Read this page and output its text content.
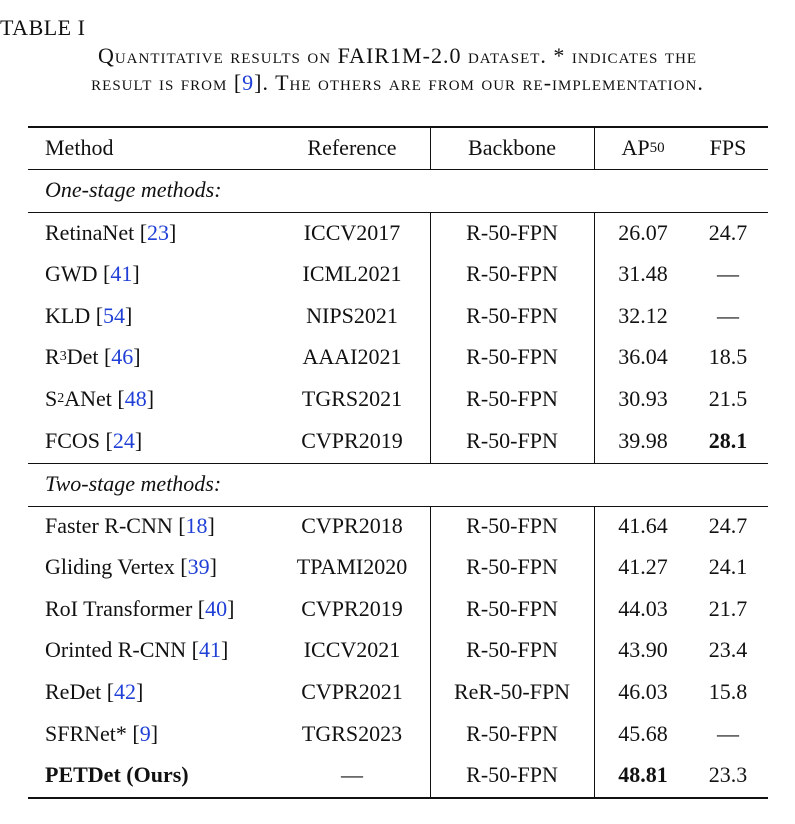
TABLE I
Quantitative results on FAIR1M-2.0 dataset. * indicates the
result is from [9]. The others are from our re-implementation.
Method	Reference	Backbone	AP 50	FPS
One-stage methods:
RetinaNet [ 23 ]	ICCV2017	R-50-FPN	26.07	24.7
GWD [ 41 ]	ICML2021	R-50-FPN	31.48	—
KLD [ 54 ]	NIPS2021	R-50-FPN	32.12	—
R 3 Det [ 46 ]	AAAI2021	R-50-FPN	36.04	18.5
S 2 ANet [ 48 ]	TGRS2021	R-50-FPN	30.93	21.5
FCOS [ 24 ]	CVPR2019	R-50-FPN	39.98	28.1
Two-stage methods:
Faster R-CNN [ 18 ]	CVPR2018	R-50-FPN	41.64	24.7
Gliding Vertex [ 39 ]	TPAMI2020	R-50-FPN	41.27	24.1
RoI Transformer [ 40 ]	CVPR2019	R-50-FPN	44.03	21.7
Orinted R-CNN [ 41 ]	ICCV2021	R-50-FPN	43.90	23.4
ReDet [ 42 ]	CVPR2021	ReR-50-FPN	46.03	15.8
SFRNet* [ 9 ]	TGRS2023	R-50-FPN	45.68	—
PETDet (Ours)	—	R-50-FPN	48.81	23.3
